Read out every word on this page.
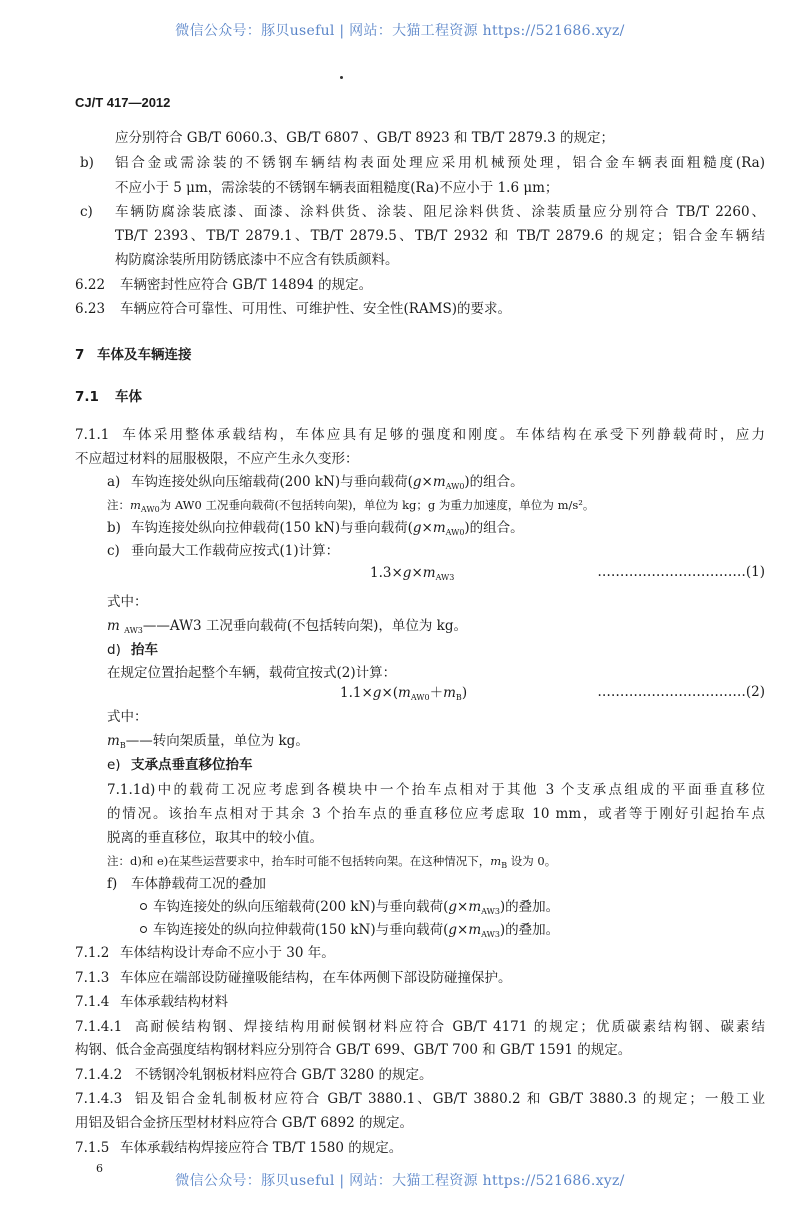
微信公众号：豚贝useful | 网站：大猫工程资源 https://521686.xyz/
CJ/T 417—2012
应分别符合 GB/T 6060.3、GB/T 6807 、GB/T 8923 和 TB/T 2879.3 的规定；
b) 铝合金或需涂装的不锈钢车辆结构表面处理应采用机械预处理，铝合金车辆表面粗糙度(Ra)
不应小于 5 μm，需涂装的不锈钢车辆表面粗糙度(Ra)不应小于 1.6 μm；
c) 车辆防腐涂装底漆、面漆、涂料供货、涂装、阻尼涂料供货、涂装质量应分别符合 TB/T 2260、
TB/T 2393、TB/T 2879.1、TB/T 2879.5、TB/T 2932 和 TB/T 2879.6 的规定；铝合金车辆结
构防腐涂装所用防锈底漆中不应含有铁质颜料。
6.22 车辆密封性应符合 GB/T 14894 的规定。
6.23 车辆应符合可靠性、可用性、可维护性、安全性(RAMS)的要求。
7 车体及车辆连接
7.1 车体
7.1.1 车体采用整体承载结构，车体应具有足够的强度和刚度。车体结构在承受下列静载荷时，应力
不应超过材料的屈服极限，不应产生永久变形：
a) 车钩连接处纵向压缩载荷(200 kN)与垂向载荷$(g\times m_{AW0})$的组合。
注：$m_{AW0}$为 AW0 工况垂向载荷(不包括转向架)，单位为 kg；g 为重力加速度，单位为 m/s²。
b) 车钩连接处纵向拉伸载荷(150 kN)与垂向载荷$(g\times m_{AW0})$的组合。
c) 垂向最大工作载荷应按式(1)计算：
$1.3\times g\times m_{AW3}$	……………………………(1)
式中：
m $_{AW3}$——AW3 工况垂向载荷(不包括转向架)，单位为 kg。
d) 抬车
在规定位置抬起整个车辆，载荷宜按式(2)计算：
$1.1\times g\times(m_{AW0}+m_B)$	……………………………(2)
式中：
$m_B——$转向架质量，单位为 kg。
e) 支承点垂直移位抬车
7.1.1d)中的载荷工况应考虑到各模块中一个抬车点相对于其他 3 个支承点组成的平面垂直移位
的情况。该抬车点相对于其余 3 个抬车点的垂直移位应考虑取 10 mm，或者等于刚好引起抬车点
脱离的垂直移位，取其中的较小值。
注：d)和 e)在某些运营要求中，抬车时可能不包括转向架。在这种情况下，$m_B$ 设为 0。
f) 车体静载荷工况的叠加
车钩连接处的纵向压缩载荷(200 kN)与垂向载荷$(g\times m_{AW3})$的叠加。
车钩连接处的纵向拉伸载荷(150 kN)与垂向载荷$(g\times m_{AW3})$的叠加。
7.1.2 车体结构设计寿命不应小于 30 年。
7.1.3 车体应在端部设防碰撞吸能结构，在车体两侧下部设防碰撞保护。
7.1.4 车体承载结构材料
7.1.4.1 高耐候结构钢、焊接结构用耐候钢材料应符合 GB/T 4171 的规定；优质碳素结构钢、碳素结
构钢、低合金高强度结构钢材料应分别符合 GB/T 699、GB/T 700 和 GB/T 1591 的规定。
7.1.4.2 不锈钢冷轧钢板材料应符合 GB/T 3280 的规定。
7.1.4.3 铝及铝合金轧制板材应符合 GB/T 3880.1、GB/T 3880.2 和 GB/T 3880.3 的规定；一般工业
用铝及铝合金挤压型材材料应符合 GB/T 6892 的规定。
7.1.5 车体承载结构焊接应符合 TB/T 1580 的规定。
6
微信公众号：豚贝useful | 网站：大猫工程资源 https://521686.xyz/
